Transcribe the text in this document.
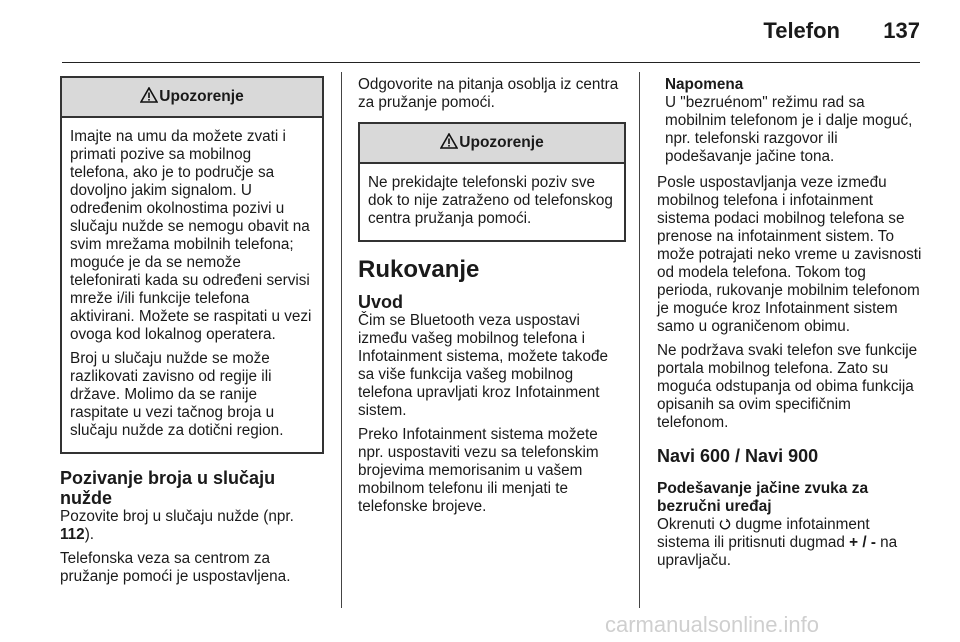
Telefon 137
Upozorenje

Imajte na umu da možete zvati i primati pozive sa mobilnog telefona, ako je to područje sa dovoljno jakim signalom. U određenim okolnostima pozivi u slučaju nužde se nemogu obavit na svim mrežama mobilnih telefona; moguće je da se nemože telefonirati kada su određeni servisi mreže i/ili funkcije telefona aktivirani. Možete se raspitati u vezi ovoga kod lokalnog operatera.

Broj u slučaju nužde se može razlikovati zavisno od regije ili države. Molimo da se ranije raspitate u vezi tačnog broja u slučaju nužde za dotični region.

Pozivanje broja u slučaju nužde

Pozovite broj u slučaju nužde (npr. 112).

Telefonska veza sa centrom za pružanje pomoći je uspostavljena.

Odgovorite na pitanja osoblja iz centra za pružanje pomoći.

Upozorenje

Ne prekidajte telefonski poziv sve dok to nije zatraženo od telefonskog centra pružanja pomoći.

Rukovanje
Uvod

Čim se Bluetooth veza uspostavi između vašeg mobilnog telefona i Infotainment sistema, možete takođe sa više funkcija vašeg mobilnog telefona upravljati kroz Infotainment sistem.

Preko Infotainment sistema možete npr. uspostaviti vezu sa telefonskim brojevima memorisanim u vašem mobilnom telefonu ili menjati te telefonske brojeve.

Napomena
U "bezruénom" režimu rad sa mobilnim telefonom je i dalje moguć, npr. telefonski razgovor ili podešavanje jačine tona.

Posle uspostavljanja veze između mobilnog telefona i infotainment sistema podaci mobilnog telefona se prenose na infotainment sistem. To može potrajati neko vreme u zavisnosti od modela telefona. Tokom tog perioda, rukovanje mobilnim telefonom je moguće kroz Infotainment sistem samo u ograničenom obimu.

Ne podržava svaki telefon sve funkcije portala mobilnog telefona. Zato su moguća odstupanja od obima funkcija opisanih sa ovim specifičnim telefonom.

Navi 600 / Navi 900
Podešavanje jačine zvuka za bezručni uređaj

Okrenuti dugme infotainment sistema ili pritisnuti dugmad + / - na upravljaču.

carmanualsonline.info
